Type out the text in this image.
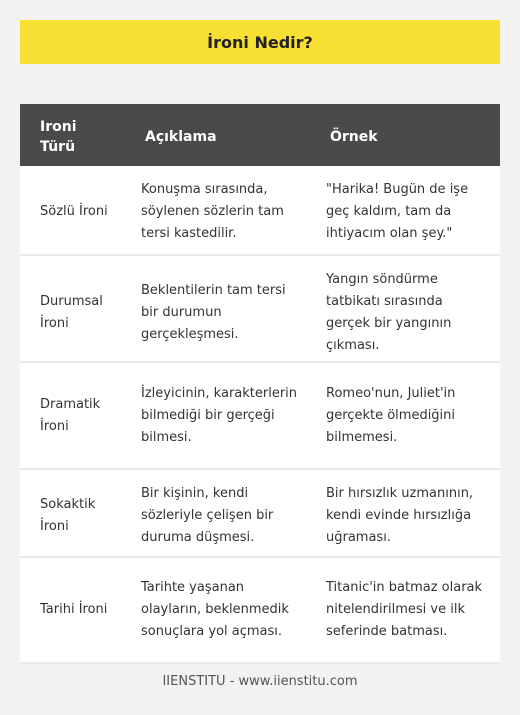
İroni Nedir?
Ironi Türü
Açıklama	Örnek
Sözlü İroni
Konuşma sırasında, söylenen sözlerin tam tersi kastedilir.
"Harika! Bugün de işe geç kaldım, tam da ihtiyacım olan şey."
Durumsal İroni
Beklentilerin tam tersi bir durumun gerçekleşmesi.
Yangın söndürme tatbikatı sırasında gerçek bir yangının çıkması.
Dramatik İroni
İzleyicinin, karakterlerin bilmediği bir gerçeği bilmesi.
Romeo'nun, Juliet'in gerçekte ölmediğini bilmemesi.
Sokaktik İroni
Bir kişinin, kendi sözleriyle çelişen bir duruma düşmesi.
Bir hırsızlık uzmanının, kendi evinde hırsızlığa uğraması.
Tarihi İroni
Tarihte yaşanan olayların, beklenmedik sonuçlara yol açması.
Titanic'in batmaz olarak nitelendirilmesi ve ilk seferinde batması.
IIENSTITU - www.iienstitu.com
